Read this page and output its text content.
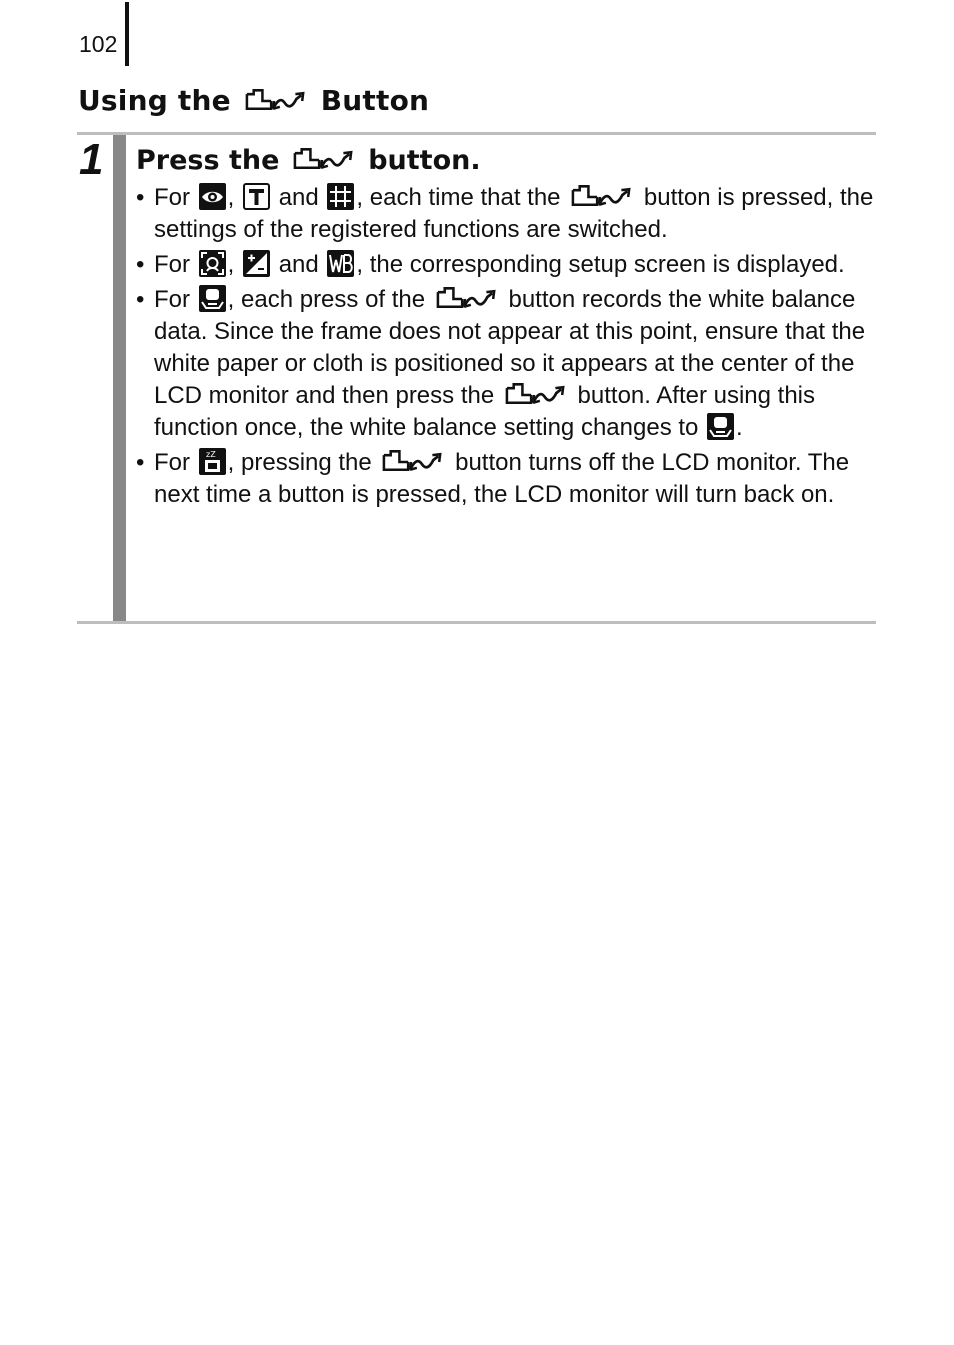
102
Using the	Button
1 Press the	button.
• For , and , each time that the	button is pressed, the settings of the registered functions are switched.
• For , and , the corresponding setup screen is displayed.
• For , each press of the	button records the white balance data. Since the frame does not appear at this point, ensure that the white paper or cloth is positioned so it appears at the center of the LCD monitor and then press the	button. After using this function once, the white balance setting changes to .
• For zZ , pressing the	button turns off the LCD monitor. The next time a button is pressed, the LCD monitor will turn back on.
